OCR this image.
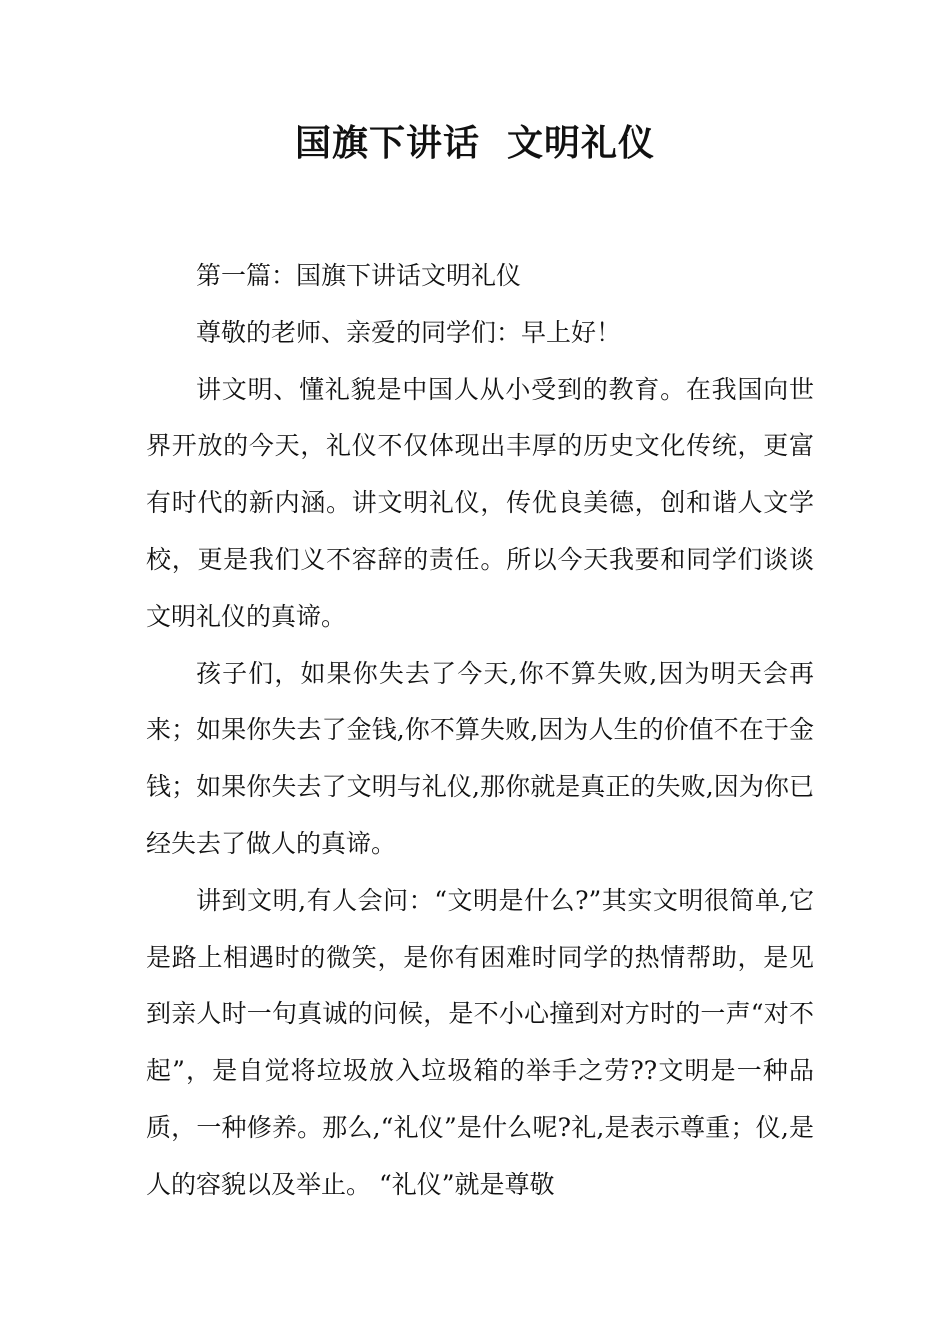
国旗下讲话  文明礼仪

第一篇：国旗下讲话文明礼仪

尊敬的老师、亲爱的同学们：早上好！

讲文明、懂礼貌是中国人从小受到的教育。在我国向世界开放的今天，礼仪不仅体现出丰厚的历史文化传统，更富有时代的新内涵。讲文明礼仪，传优良美德，创和谐人文学校，更是我们义不容辞的责任。所以今天我要和同学们谈谈文明礼仪的真谛。

孩子们，如果你失去了今天,你不算失败,因为明天会再来；如果你失去了金钱,你不算失败,因为人生的价值不在于金钱；如果你失去了文明与礼仪,那你就是真正的失败,因为你已经失去了做人的真谛。

讲到文明,有人会问：“文明是什么?”其实文明很简单,它是路上相遇时的微笑，是你有困难时同学的热情帮助，是见到亲人时一句真诚的问候，是不小心撞到对方时的一声“对不起”，是自觉将垃圾放入垃圾箱的举手之劳??文明是一种品质，一种修养。那么,“礼仪”是什么呢?礼,是表示尊重；仪,是人的容貌以及举止。 “礼仪”就是尊敬
